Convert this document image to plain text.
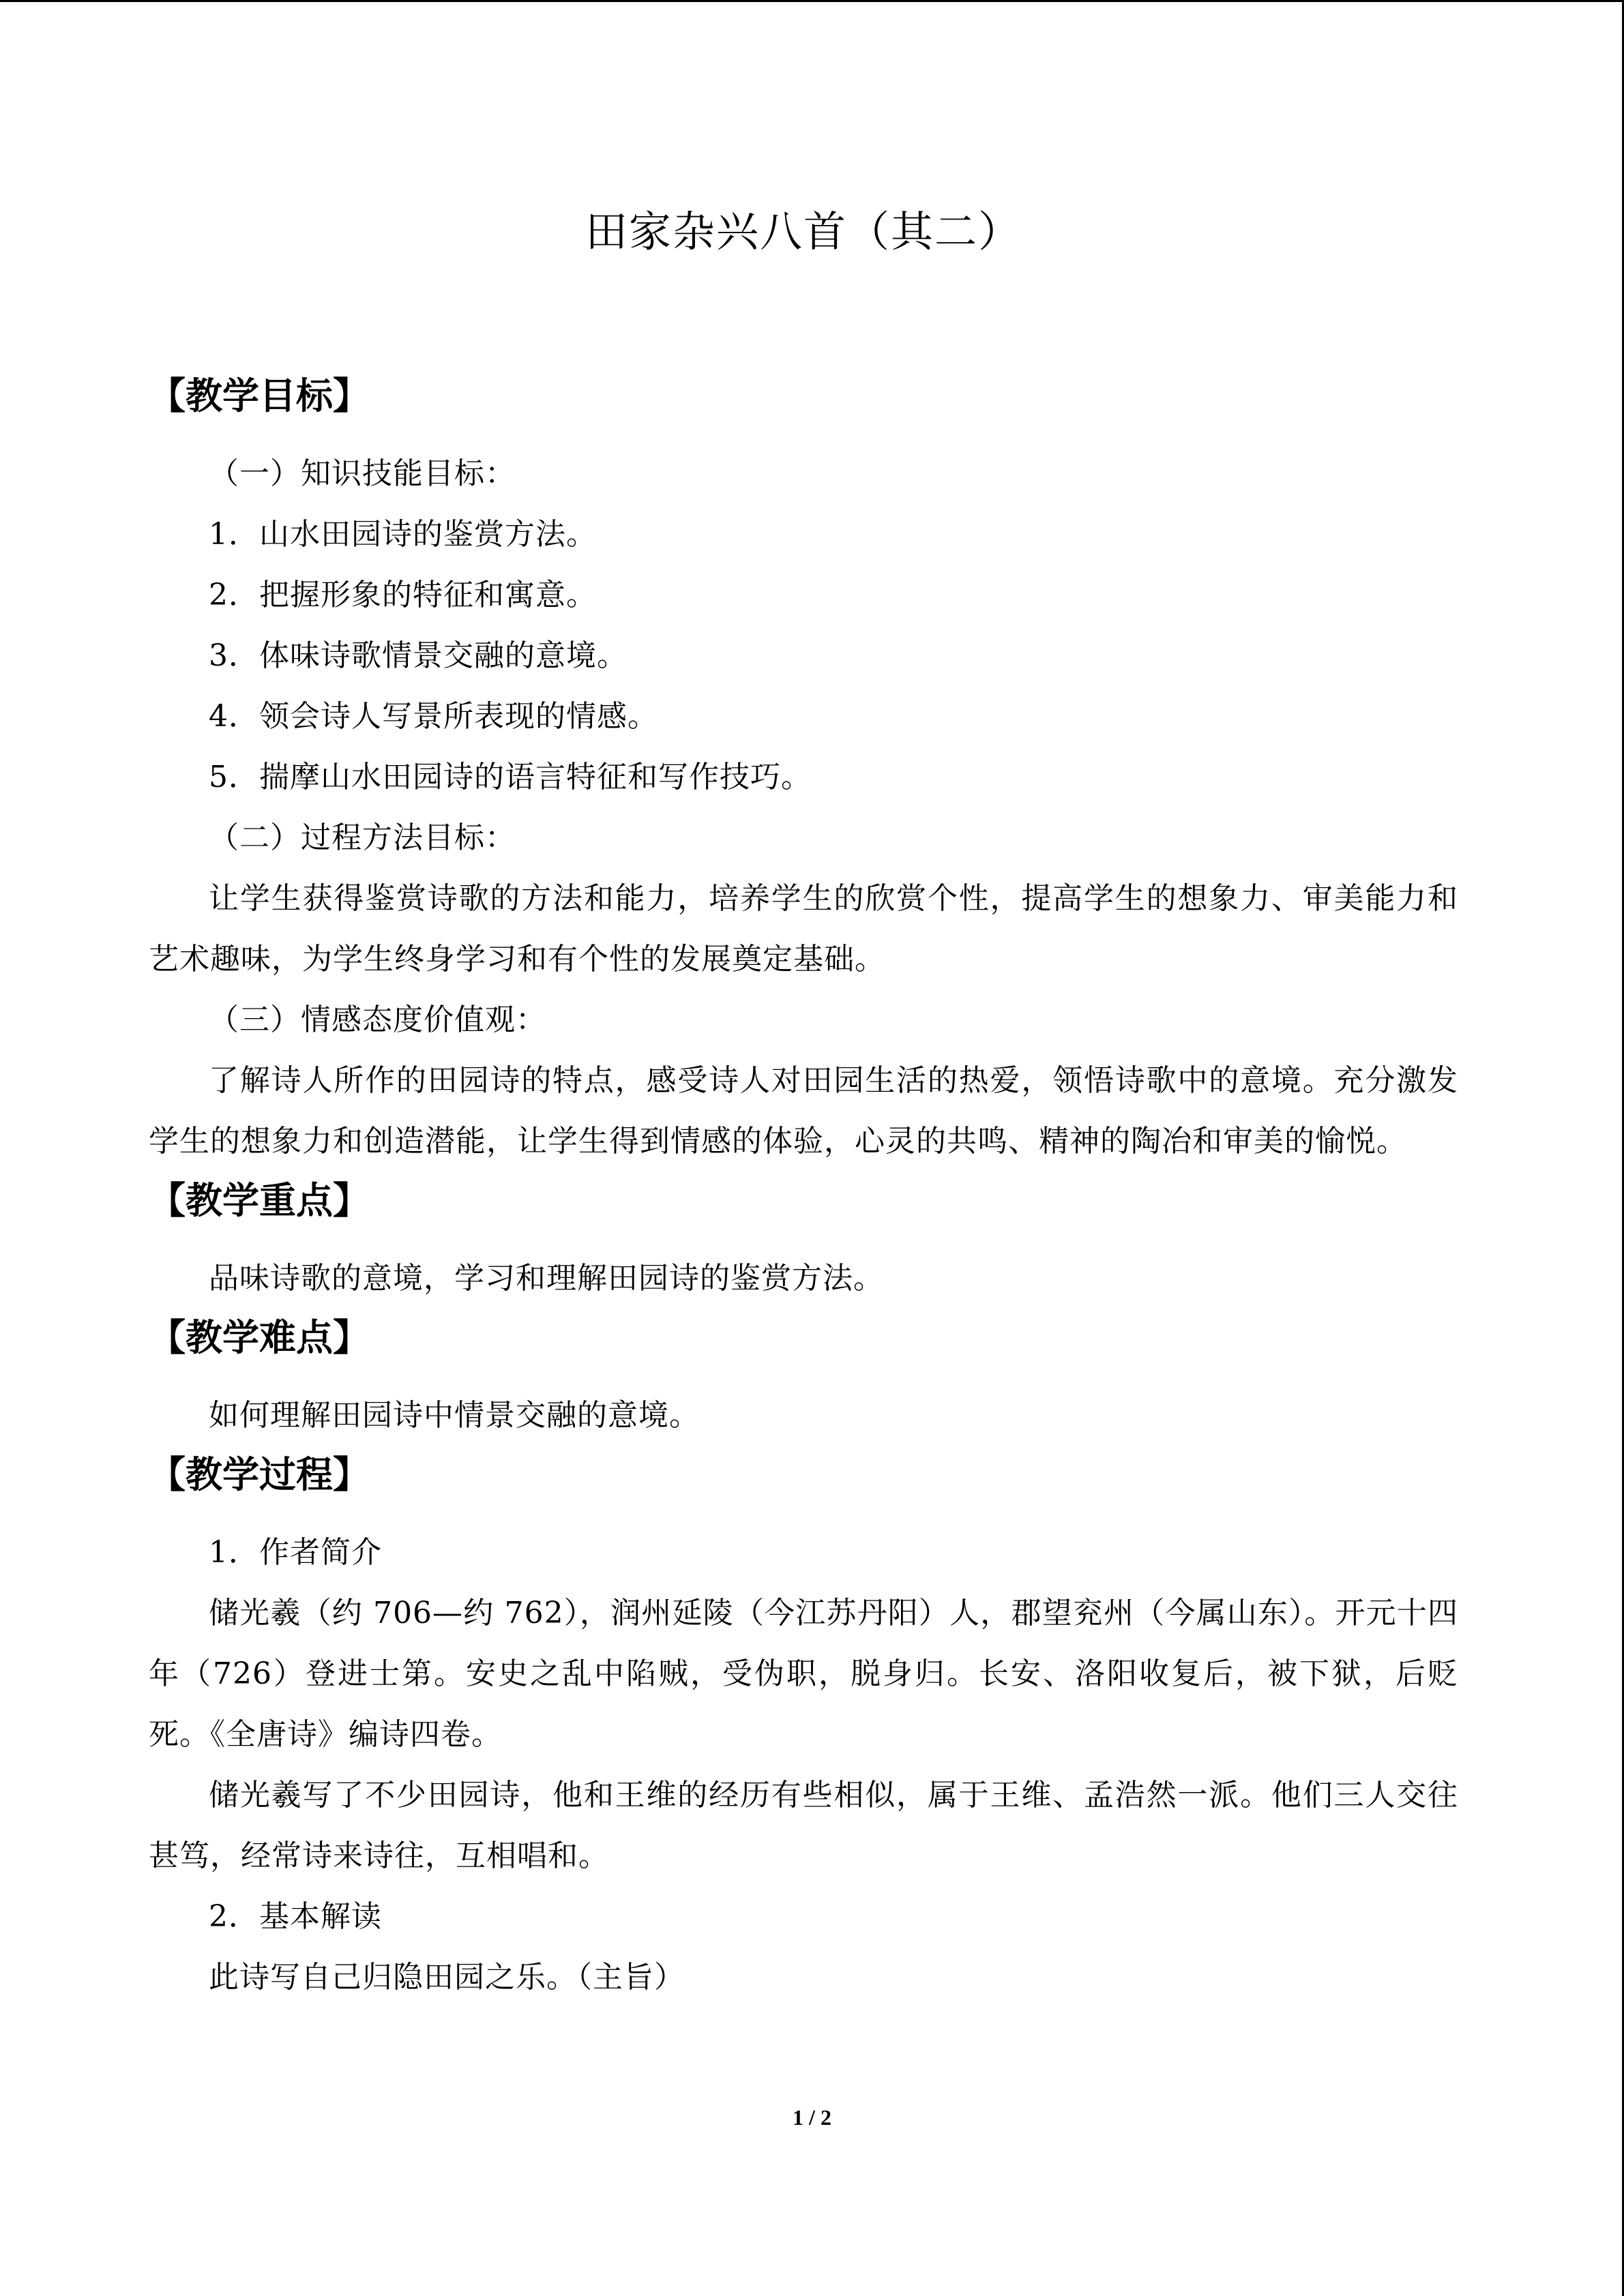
田家杂兴八首（其二）
【教学目标】

（一）知识技能目标：

1．山水田园诗的鉴赏方法。

2．把握形象的特征和寓意。

3．体味诗歌情景交融的意境。

4．领会诗人写景所表现的情感。

5．揣摩山水田园诗的语言特征和写作技巧。

（二）过程方法目标：

让学生获得鉴赏诗歌的方法和能力，培养学生的欣赏个性，提高学生的想象力、审美能力和艺术趣味，为学生终身学习和有个性的发展奠定基础。

（三）情感态度价值观：

了解诗人所作的田园诗的特点，感受诗人对田园生活的热爱，领悟诗歌中的意境。充分激发学生的想象力和创造潜能，让学生得到情感的体验，心灵的共鸣、精神的陶冶和审美的愉悦。

【教学重点】

品味诗歌的意境，学习和理解田园诗的鉴赏方法。

【教学难点】

如何理解田园诗中情景交融的意境。

【教学过程】

1．作者简介

储光羲（约 706—约 762），润州延陵（今江苏丹阳）人，郡望兖州（今属山东）。开元十四年（726）登进士第。安史之乱中陷贼，受伪职，脱身归。长安、洛阳收复后，被下狱，后贬死。《全唐诗》编诗四卷。

储光羲写了不少田园诗，他和王维的经历有些相似，属于王维、孟浩然一派。他们三人交往甚笃，经常诗来诗往，互相唱和。

2．基本解读

此诗写自己归隐田园之乐。（主旨）

1 / 2
